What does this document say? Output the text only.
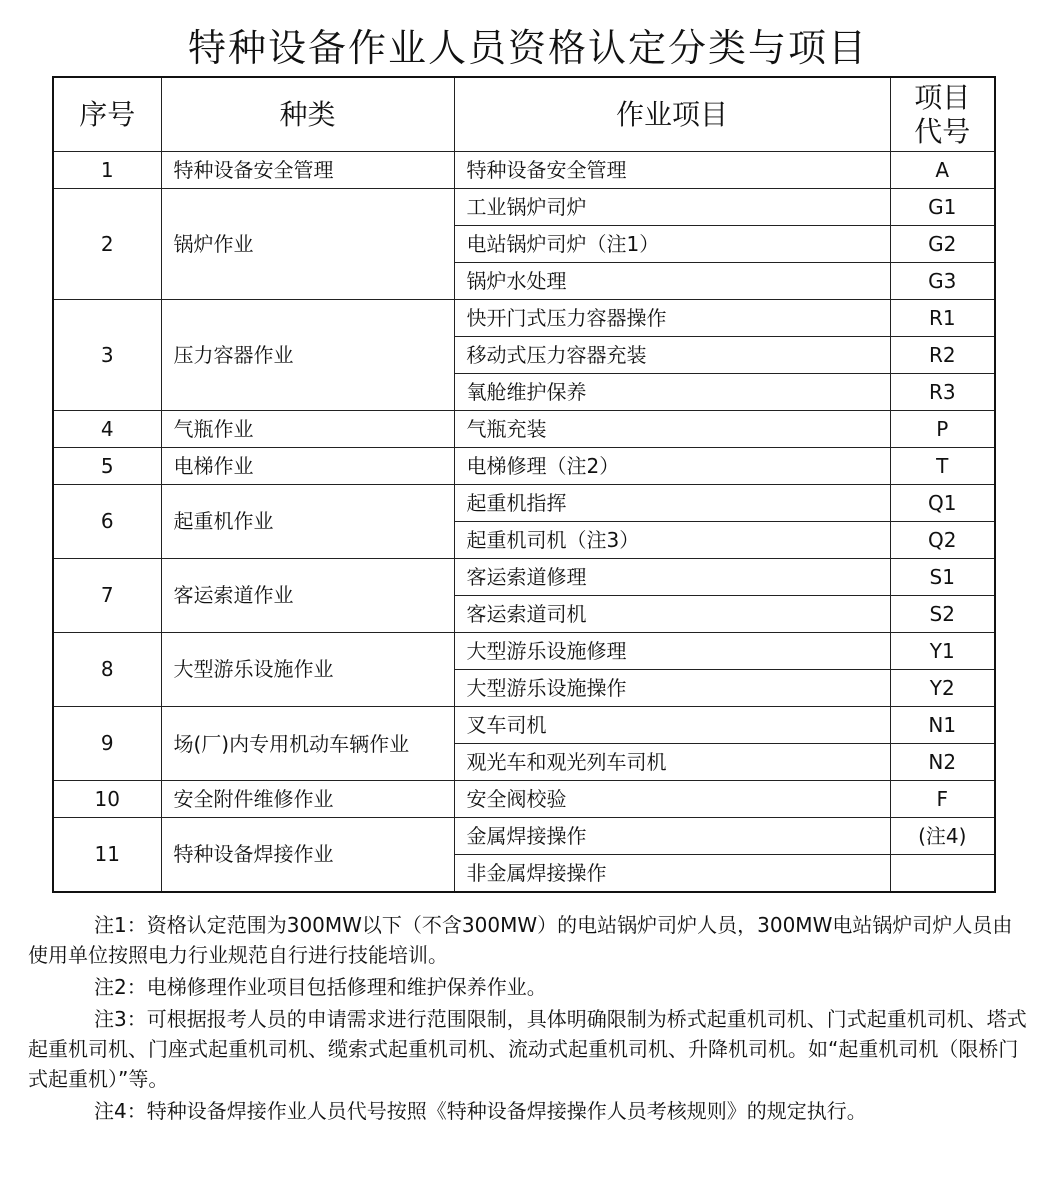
特种设备作业人员资格认定分类与项目
序号	种类	作业项目	项目代号
1	特种设备安全管理	特种设备安全管理	A
2	锅炉作业	工业锅炉司炉	G1
		电站锅炉司炉（注1）	G2
		锅炉水处理	G3
3	压力容器作业	快开门式压力容器操作	R1
		移动式压力容器充装	R2
		氧舱维护保养	R3
4	气瓶作业	气瓶充装	P
5	电梯作业	电梯修理（注2）	T
6	起重机作业	起重机指挥	Q1
		起重机司机（注3）	Q2
7	客运索道作业	客运索道修理	S1
		客运索道司机	S2
8	大型游乐设施作业	大型游乐设施修理	Y1
		大型游乐设施操作	Y2
9	场(厂)内专用机动车辆作业	叉车司机	N1
		观光车和观光列车司机	N2
10	安全附件维修作业	安全阀校验	F
11	特种设备焊接作业	金属焊接操作	(注4)
		非金属焊接操作	

注1：资格认定范围为300MW以下（不含300MW）的电站锅炉司炉人员，300MW电站锅炉司炉人员由使用单位按照电力行业规范自行进行技能培训。

注2：电梯修理作业项目包括修理和维护保养作业。

注3：可根据报考人员的申请需求进行范围限制，具体明确限制为桥式起重机司机、门式起重机司机、塔式起重机司机、门座式起重机司机、缆索式起重机司机、流动式起重机司机、升降机司机。如“起重机司机（限桥门式起重机）”等。

注4：特种设备焊接作业人员代号按照《特种设备焊接操作人员考核规则》的规定执行。
